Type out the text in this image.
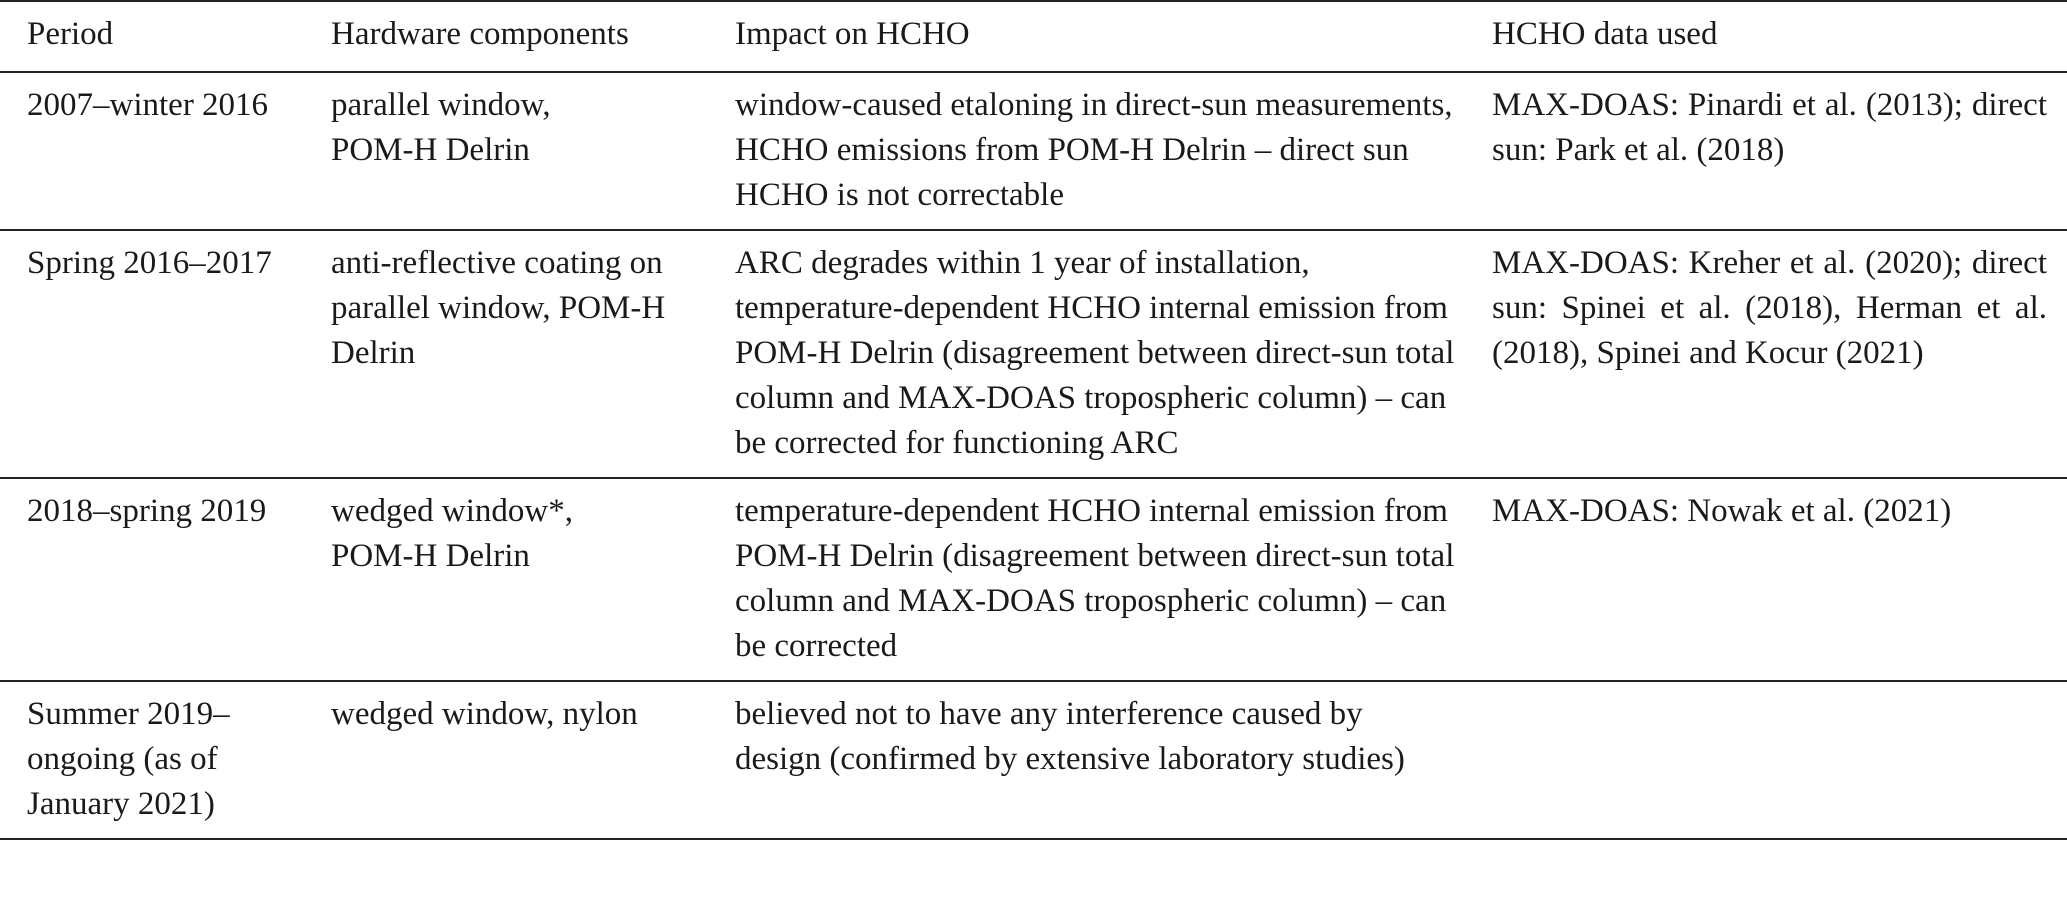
Period	Hardware components	Impact on HCHO	HCHO data used

2007–winter 2016	parallel window, POM-H Delrin	window-caused etaloning in direct-sun measurements, HCHO emissions from POM-H Delrin – direct sun HCHO is not correctable	MAX-DOAS: Pinardi et al. (2013); direct sun: Park et al. (2018)

Spring 2016–2017	anti-reflective coating on parallel window, POM-H Delrin	ARC degrades within 1 year of installation, temperature-dependent HCHO internal emission from POM-H Delrin (disagreement between direct-sun total column and MAX-DOAS tropospheric column) – can be corrected for functioning ARC	MAX-DOAS: Kreher et al. (2020); direct sun: Spinei et al. (2018), Herman et al. (2018), Spinei and Kocur (2021)

2018–spring 2019	wedged window*, POM-H Delrin	temperature-dependent HCHO internal emission from POM-H Delrin (disagreement between direct-sun total column and MAX-DOAS tropospheric column) – can be corrected	MAX-DOAS: Nowak et al. (2021)

Summer 2019–ongoing (as of January 2021)	wedged window, nylon	believed not to have any interference caused by design (confirmed by extensive laboratory studies)	
